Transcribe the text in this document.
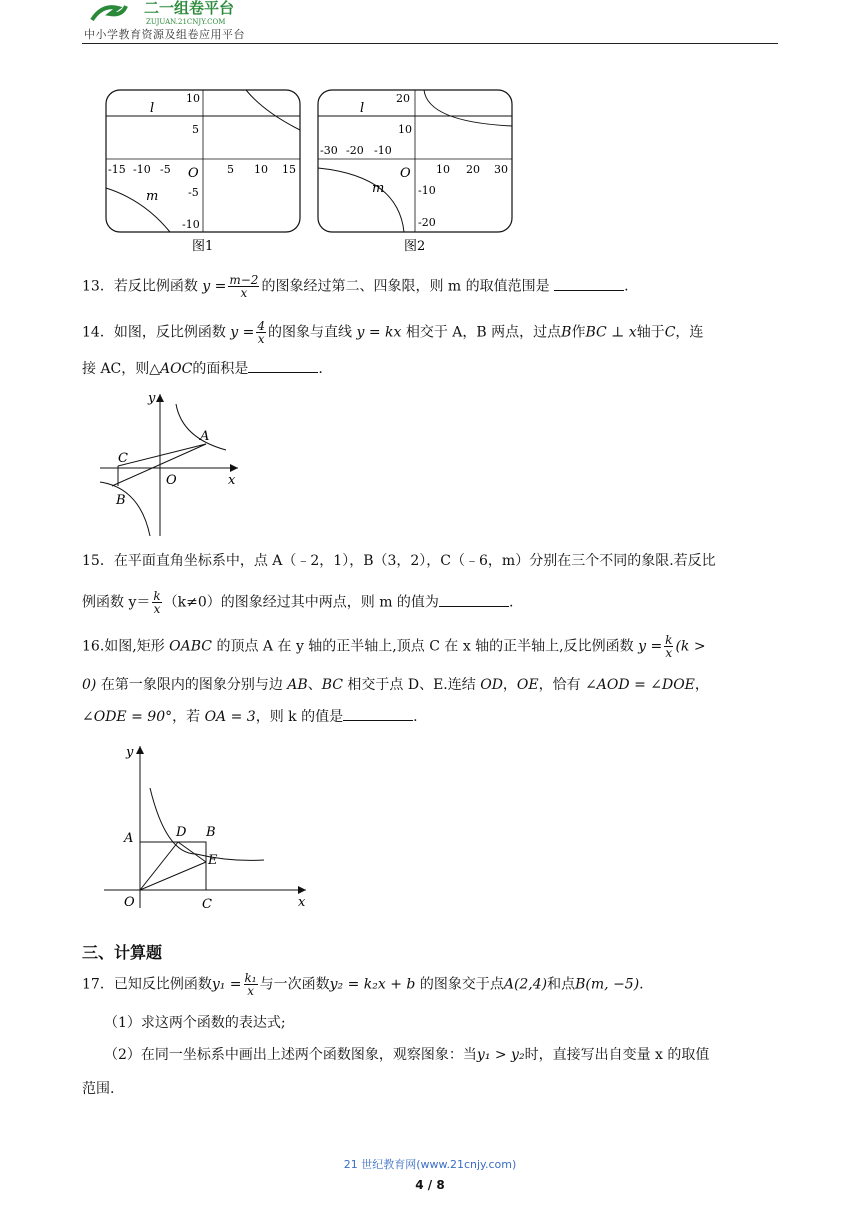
二一组卷平台
ZUJUAN.21CNJY.COM
中小学教育资源及组卷应用平台
l
m
O
-15 -10 -5	5 10 15
10
5
-5
-10
图1
l
m
O
-30 -20 -10
10 20 30
20
10
-10
-20
图2
13．若反比例函数 $y = \frac{m-2}{x}$ 的图象经过第二、四象限，则 m 的取值范围是	.
14．如图，反比例函数 $y = \frac{4}{x}$ 的图象与直线 y = kx 相交于 A，B 两点，过点B作BC ⊥ x轴于C，连
接 AC，则△AOC的面积是	.
y
x
A
C
B
O
15．在平面直角坐标系中，点 A（﹣2，1），B（3，2），C（﹣6，m）分别在三个不同的象限.若反比
例函数 $y= \frac{k}{x} (k\ne 0)$的图象经过其中两点，则 m 的值为	.
16.如图,矩形 OABC 的顶点 A 在 y 轴的正半轴上,顶点 C 在 x 轴的正半轴上,反比例函数 $y = \frac{k}{x} (k$ >
0) 在第一象限内的图象分别与边 AB、BC 相交于点 D、E.连结 OD，OE，恰有 ∠AOD = ∠DOE，
∠ODE = 90°，若 OA = 3，则 k 的值是	.
y
x
A	D B
E
O	C
三、计算题
17．已知反比例函数$y_1 = \frac{\text{k₁}}{x}$ 与一次函数y₂ = k₂x + b 的图象交于点A(2,4)和点B(m, −5).
（1）求这两个函数的表达式;
（2）在同一坐标系中画出上述两个函数图象，观察图象：当y₁ > y₂时，直接写出自变量 x 的取值
范围.
21 世纪教育网(www.21cnjy.com)
4 / 8
